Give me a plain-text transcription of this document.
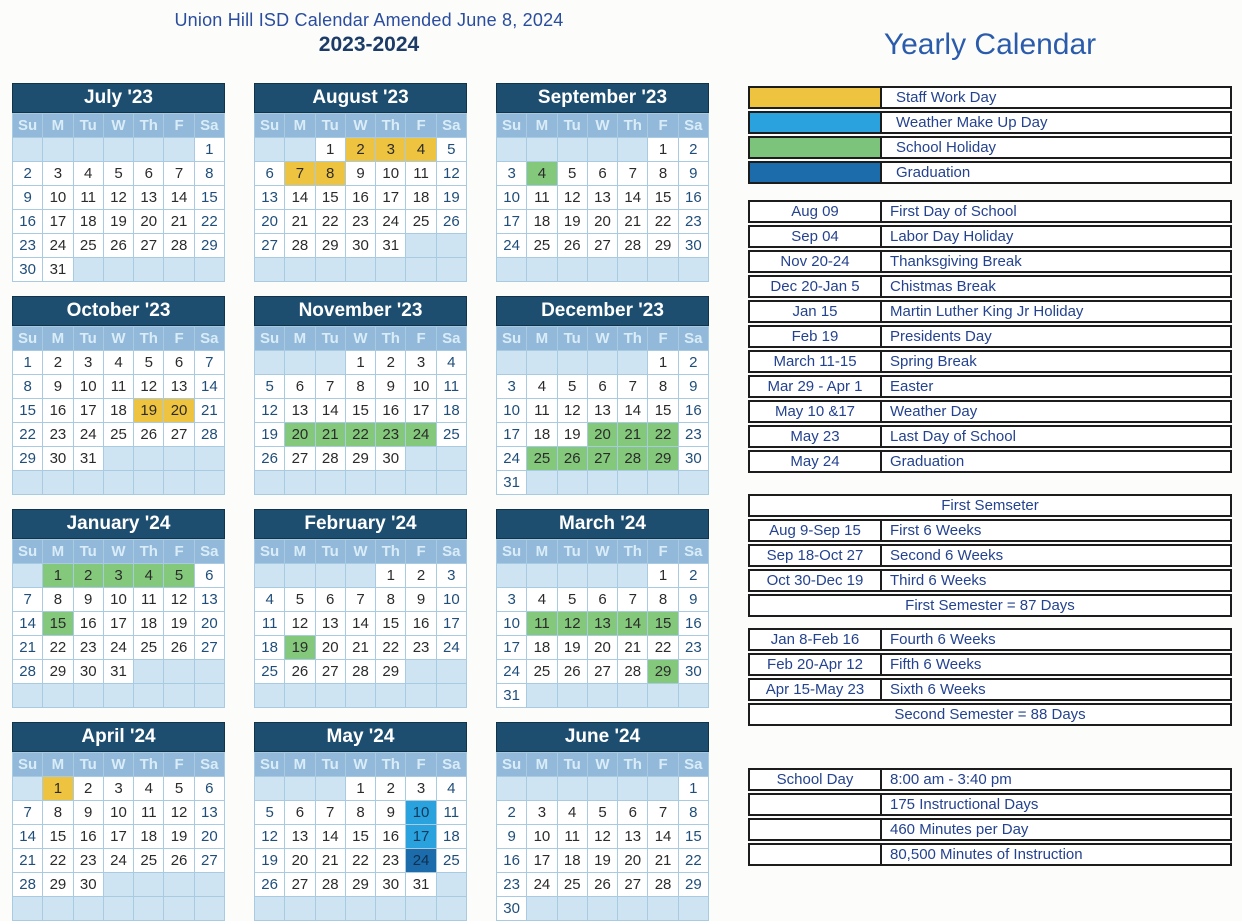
Union Hill ISD Calendar Amended June 8, 2024
2023-2024
July '23
Su	M	Tu	W	Th	F	Sa
						1
2	3	4	5	6	7	8
9	10	11	12	13	14	15
16	17	18	19	20	21	22
23	24	25	26	27	28	29
30	31					
August '23
Su	M	Tu	W	Th	F	Sa
		1	2	3	4	5
6	7	8	9	10	11	12
13	14	15	16	17	18	19
20	21	22	23	24	25	26
27	28	29	30	31		

September '23
Su	M	Tu	W	Th	F	Sa
					1	2
3	4	5	6	7	8	9
10	11	12	13	14	15	16
17	18	19	20	21	22	23
24	25	26	27	28	29	30

October '23
Su	M	Tu	W	Th	F	Sa
1	2	3	4	5	6	7
8	9	10	11	12	13	14
15	16	17	18	19	20	21
22	23	24	25	26	27	28
29	30	31				

November '23
Su	M	Tu	W	Th	F	Sa
			1	2	3	4
5	6	7	8	9	10	11
12	13	14	15	16	17	18
19	20	21	22	23	24	25
26	27	28	29	30		

December '23
Su	M	Tu	W	Th	F	Sa
					1	2
3	4	5	6	7	8	9
10	11	12	13	14	15	16
17	18	19	20	21	22	23
24	25	26	27	28	29	30
31						
January '24
Su	M	Tu	W	Th	F	Sa
	1	2	3	4	5	6
7	8	9	10	11	12	13
14	15	16	17	18	19	20
21	22	23	24	25	26	27
28	29	30	31			

February '24
Su	M	Tu	W	Th	F	Sa
				1	2	3
4	5	6	7	8	9	10
11	12	13	14	15	16	17
18	19	20	21	22	23	24
25	26	27	28	29		

March '24
Su	M	Tu	W	Th	F	Sa
					1	2
3	4	5	6	7	8	9
10	11	12	13	14	15	16
17	18	19	20	21	22	23
24	25	26	27	28	29	30
31						
April '24
Su	M	Tu	W	Th	F	Sa
	1	2	3	4	5	6
7	8	9	10	11	12	13
14	15	16	17	18	19	20
21	22	23	24	25	26	27
28	29	30				

May '24
Su	M	Tu	W	Th	F	Sa
			1	2	3	4
5	6	7	8	9	10	11
12	13	14	15	16	17	18
19	20	21	22	23	24	25
26	27	28	29	30	31	

June '24
Su	M	Tu	W	Th	F	Sa
						1
2	3	4	5	6	7	8
9	10	11	12	13	14	15
16	17	18	19	20	21	22
23	24	25	26	27	28	29
30						
Yearly Calendar
Staff Work Day
Weather Make Up Day
School Holiday
Graduation
Aug 09	First Day of School
Sep 04	Labor Day Holiday
Nov 20-24	Thanksgiving Break
Dec 20-Jan 5	Chistmas Break
Jan 15	Martin Luther King Jr Holiday
Feb 19	Presidents Day
March 11-15	Spring Break
Mar 29 - Apr 1	Easter
May 10 &17	Weather Day
May 23	Last Day of School
May 24	Graduation
First Semseter
Aug 9-Sep 15	First 6 Weeks
Sep 18-Oct 27	Second 6 Weeks
Oct 30-Dec 19	Third 6 Weeks
First Semester = 87 Days
Jan 8-Feb 16	Fourth 6 Weeks
Feb 20-Apr 12	Fifth 6 Weeks
Apr 15-May 23	Sixth 6 Weeks
Second Semester = 88 Days
School Day	8:00 am - 3:40 pm
175 Instructional Days
460 Minutes per Day
80,500 Minutes of Instruction
